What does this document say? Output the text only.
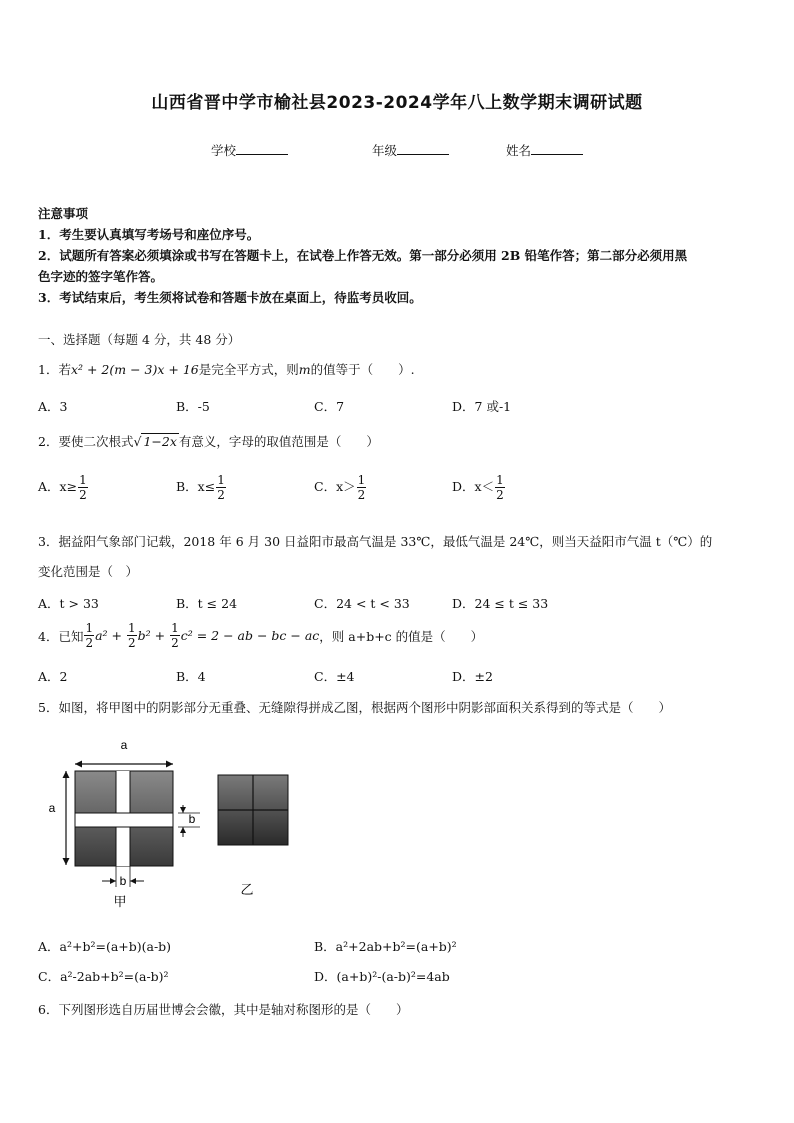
山西省晋中学市榆社县2023-2024学年八上数学期末调研试题
学校	年级	姓名
注意事项
1．考生要认真填写考场号和座位序号。
2．试题所有答案必须填涂或书写在答题卡上，在试卷上作答无效。第一部分必须用 2B 铅笔作答；第二部分必须用黑
色字迹的签字笔作答。
3．考试结束后，考生须将试卷和答题卡放在桌面上，待监考员收回。
一、选择题（每题 4 分，共 48 分）
1．若x² + 2(m − 3)x + 16是完全平方式，则m的值等于（　　）.
A．3	B．-5	C．7	D．7 或-1
2．要使二次根式√ 1−2x 有意义，字母的取值范围是（　　）
A．$x\ge \frac{1}{2}$	B．$x\le \frac{1}{2}$	C．$x> \frac{1}{2}$	D．$x< \frac{1}{2}$
3．据益阳气象部门记载，2018 年 6 月 30 日益阳市最高气温是 33℃，最低气温是 24℃，则当天益阳市气温 t（℃）的
变化范围是（　）
A．t > 33	B．t ≤ 24	C．24 < t < 33	D．24 ≤ t ≤ 33
4．已知 $\frac{1}{2} a^2 + \frac{1}{2} b^2 + \frac{1}{2} c^2 = 2$ − ab − bc − ac ，则 a+b+c 的值是（　　）
A．2	B．4	C．±4	D．±2
5．如图，将甲图中的阴影部分无重叠、无缝隙得拼成乙图，根据两个图形中阴影部面积关系得到的等式是（　　）
a
a
b
b
甲
乙
A．a²+b²=(a+b)(a-b)	B．a²+2ab+b²=(a+b)²
C．a²-2ab+b²=(a-b)²	D．(a+b)²-(a-b)²=4ab
6．下列图形选自历届世博会会徽，其中是轴对称图形的是（　　）
